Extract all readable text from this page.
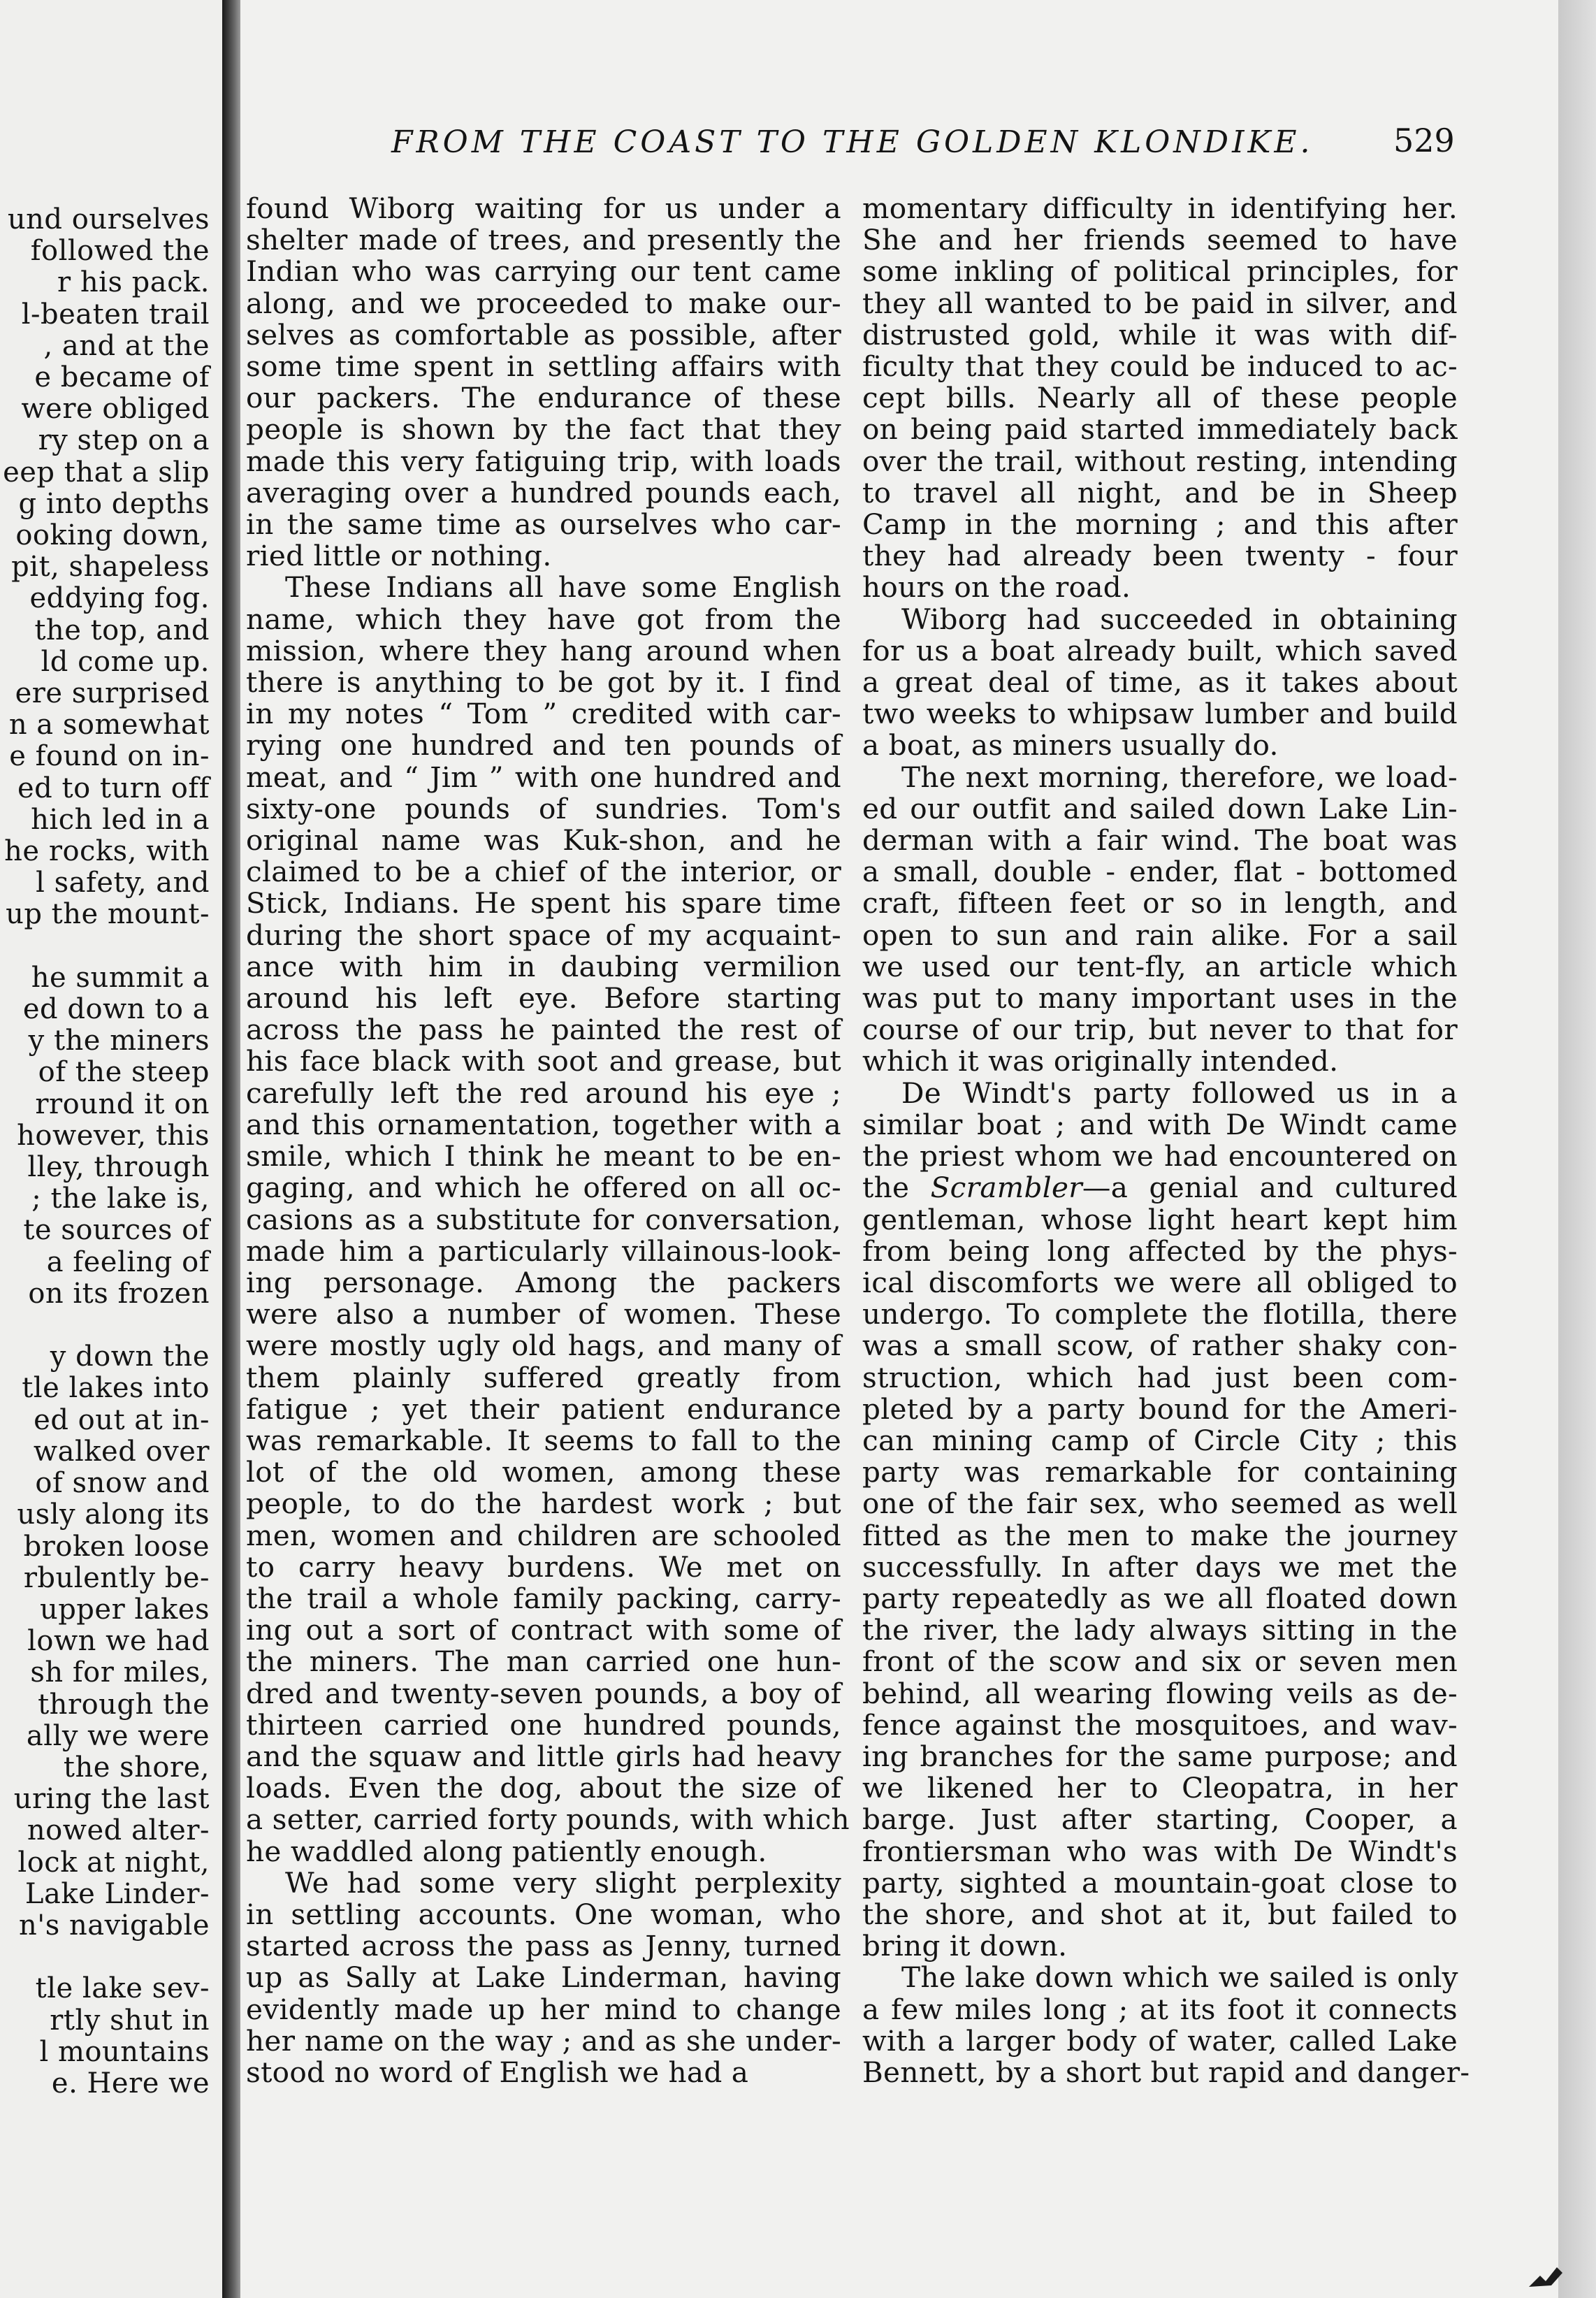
und ourselves
followed the
r his pack.
l-beaten trail
, and at the
e became of
were obliged
ry step on a
eep that a slip
g into depths
ooking down,
pit, shapeless
eddying fog.
the top, and
ld come up.
ere surprised
n a somewhat
e found on in-
ed to turn off
hich led in a
he rocks, with
l safety, and
up the mount-
he summit a
ed down to a
y the miners
of the steep
rround it on
however, this
lley, through
; the lake is,
te sources of
a feeling of
on its frozen
y down the
tle lakes into
ed out at in-
walked over
of snow and
usly along its
broken loose
rbulently be-
upper lakes
lown we had
sh for miles,
through the
ally we were
the shore,
uring the last
nowed alter-
lock at night,
Lake Linder-
n's navigable
tle lake sev-
rtly shut in
l mountains
e. Here we
FROM THE COAST TO THE GOLDEN KLONDIKE.	529
found Wiborg waiting for us under a
shelter made of trees, and presently the
Indian who was carrying our tent came
along, and we proceeded to make our-
selves as comfortable as possible, after
some time spent in settling affairs with
our packers. The endurance of these
people is shown by the fact that they
made this very fatiguing trip, with loads
averaging over a hundred pounds each,
in the same time as ourselves who car-
ried little or nothing.
These Indians all have some English
name, which they have got from the
mission, where they hang around when
there is anything to be got by it. I find
in my notes “ Tom ” credited with car-
rying one hundred and ten pounds of
meat, and “ Jim ” with one hundred and
sixty-one pounds of sundries. Tom's
original name was Kuk-shon, and he
claimed to be a chief of the interior, or
Stick, Indians. He spent his spare time
during the short space of my acquaint-
ance with him in daubing vermilion
around his left eye. Before starting
across the pass he painted the rest of
his face black with soot and grease, but
carefully left the red around his eye ;
and this ornamentation, together with a
smile, which I think he meant to be en-
gaging, and which he offered on all oc-
casions as a substitute for conversation,
made him a particularly villainous-look-
ing personage. Among the packers
were also a number of women. These
were mostly ugly old hags, and many of
them plainly suffered greatly from
fatigue ; yet their patient endurance
was remarkable. It seems to fall to the
lot of the old women, among these
people, to do the hardest work ; but
men, women and children are schooled
to carry heavy burdens. We met on
the trail a whole family packing, carry-
ing out a sort of contract with some of
the miners. The man carried one hun-
dred and twenty-seven pounds, a boy of
thirteen carried one hundred pounds,
and the squaw and little girls had heavy
loads. Even the dog, about the size of
a setter, carried forty pounds, with which
he waddled along patiently enough.
We had some very slight perplexity
in settling accounts. One woman, who
started across the pass as Jenny, turned
up as Sally at Lake Linderman, having
evidently made up her mind to change
her name on the way ; and as she under-
stood no word of English we had a
momentary difficulty in identifying her.
She and her friends seemed to have
some inkling of political principles, for
they all wanted to be paid in silver, and
distrusted gold, while it was with dif-
ficulty that they could be induced to ac-
cept bills. Nearly all of these people
on being paid started immediately back
over the trail, without resting, intending
to travel all night, and be in Sheep
Camp in the morning ; and this after
they had already been twenty - four
hours on the road.
Wiborg had succeeded in obtaining
for us a boat already built, which saved
a great deal of time, as it takes about
two weeks to whipsaw lumber and build
a boat, as miners usually do.
The next morning, therefore, we load-
ed our outfit and sailed down Lake Lin-
derman with a fair wind. The boat was
a small, double - ender, flat - bottomed
craft, fifteen feet or so in length, and
open to sun and rain alike. For a sail
we used our tent-fly, an article which
was put to many important uses in the
course of our trip, but never to that for
which it was originally intended.
De Windt's party followed us in a
similar boat ; and with De Windt came
the priest whom we had encountered on
the Scrambler—a genial and cultured
gentleman, whose light heart kept him
from being long affected by the phys-
ical discomforts we were all obliged to
undergo. To complete the flotilla, there
was a small scow, of rather shaky con-
struction, which had just been com-
pleted by a party bound for the Ameri-
can mining camp of Circle City ; this
party was remarkable for containing
one of the fair sex, who seemed as well
fitted as the men to make the journey
successfully. In after days we met the
party repeatedly as we all floated down
the river, the lady always sitting in the
front of the scow and six or seven men
behind, all wearing flowing veils as de-
fence against the mosquitoes, and wav-
ing branches for the same purpose; and
we likened her to Cleopatra, in her
barge. Just after starting, Cooper, a
frontiersman who was with De Windt's
party, sighted a mountain-goat close to
the shore, and shot at it, but failed to
bring it down.
The lake down which we sailed is only
a few miles long ; at its foot it connects
with a larger body of water, called Lake
Bennett, by a short but rapid and danger-
